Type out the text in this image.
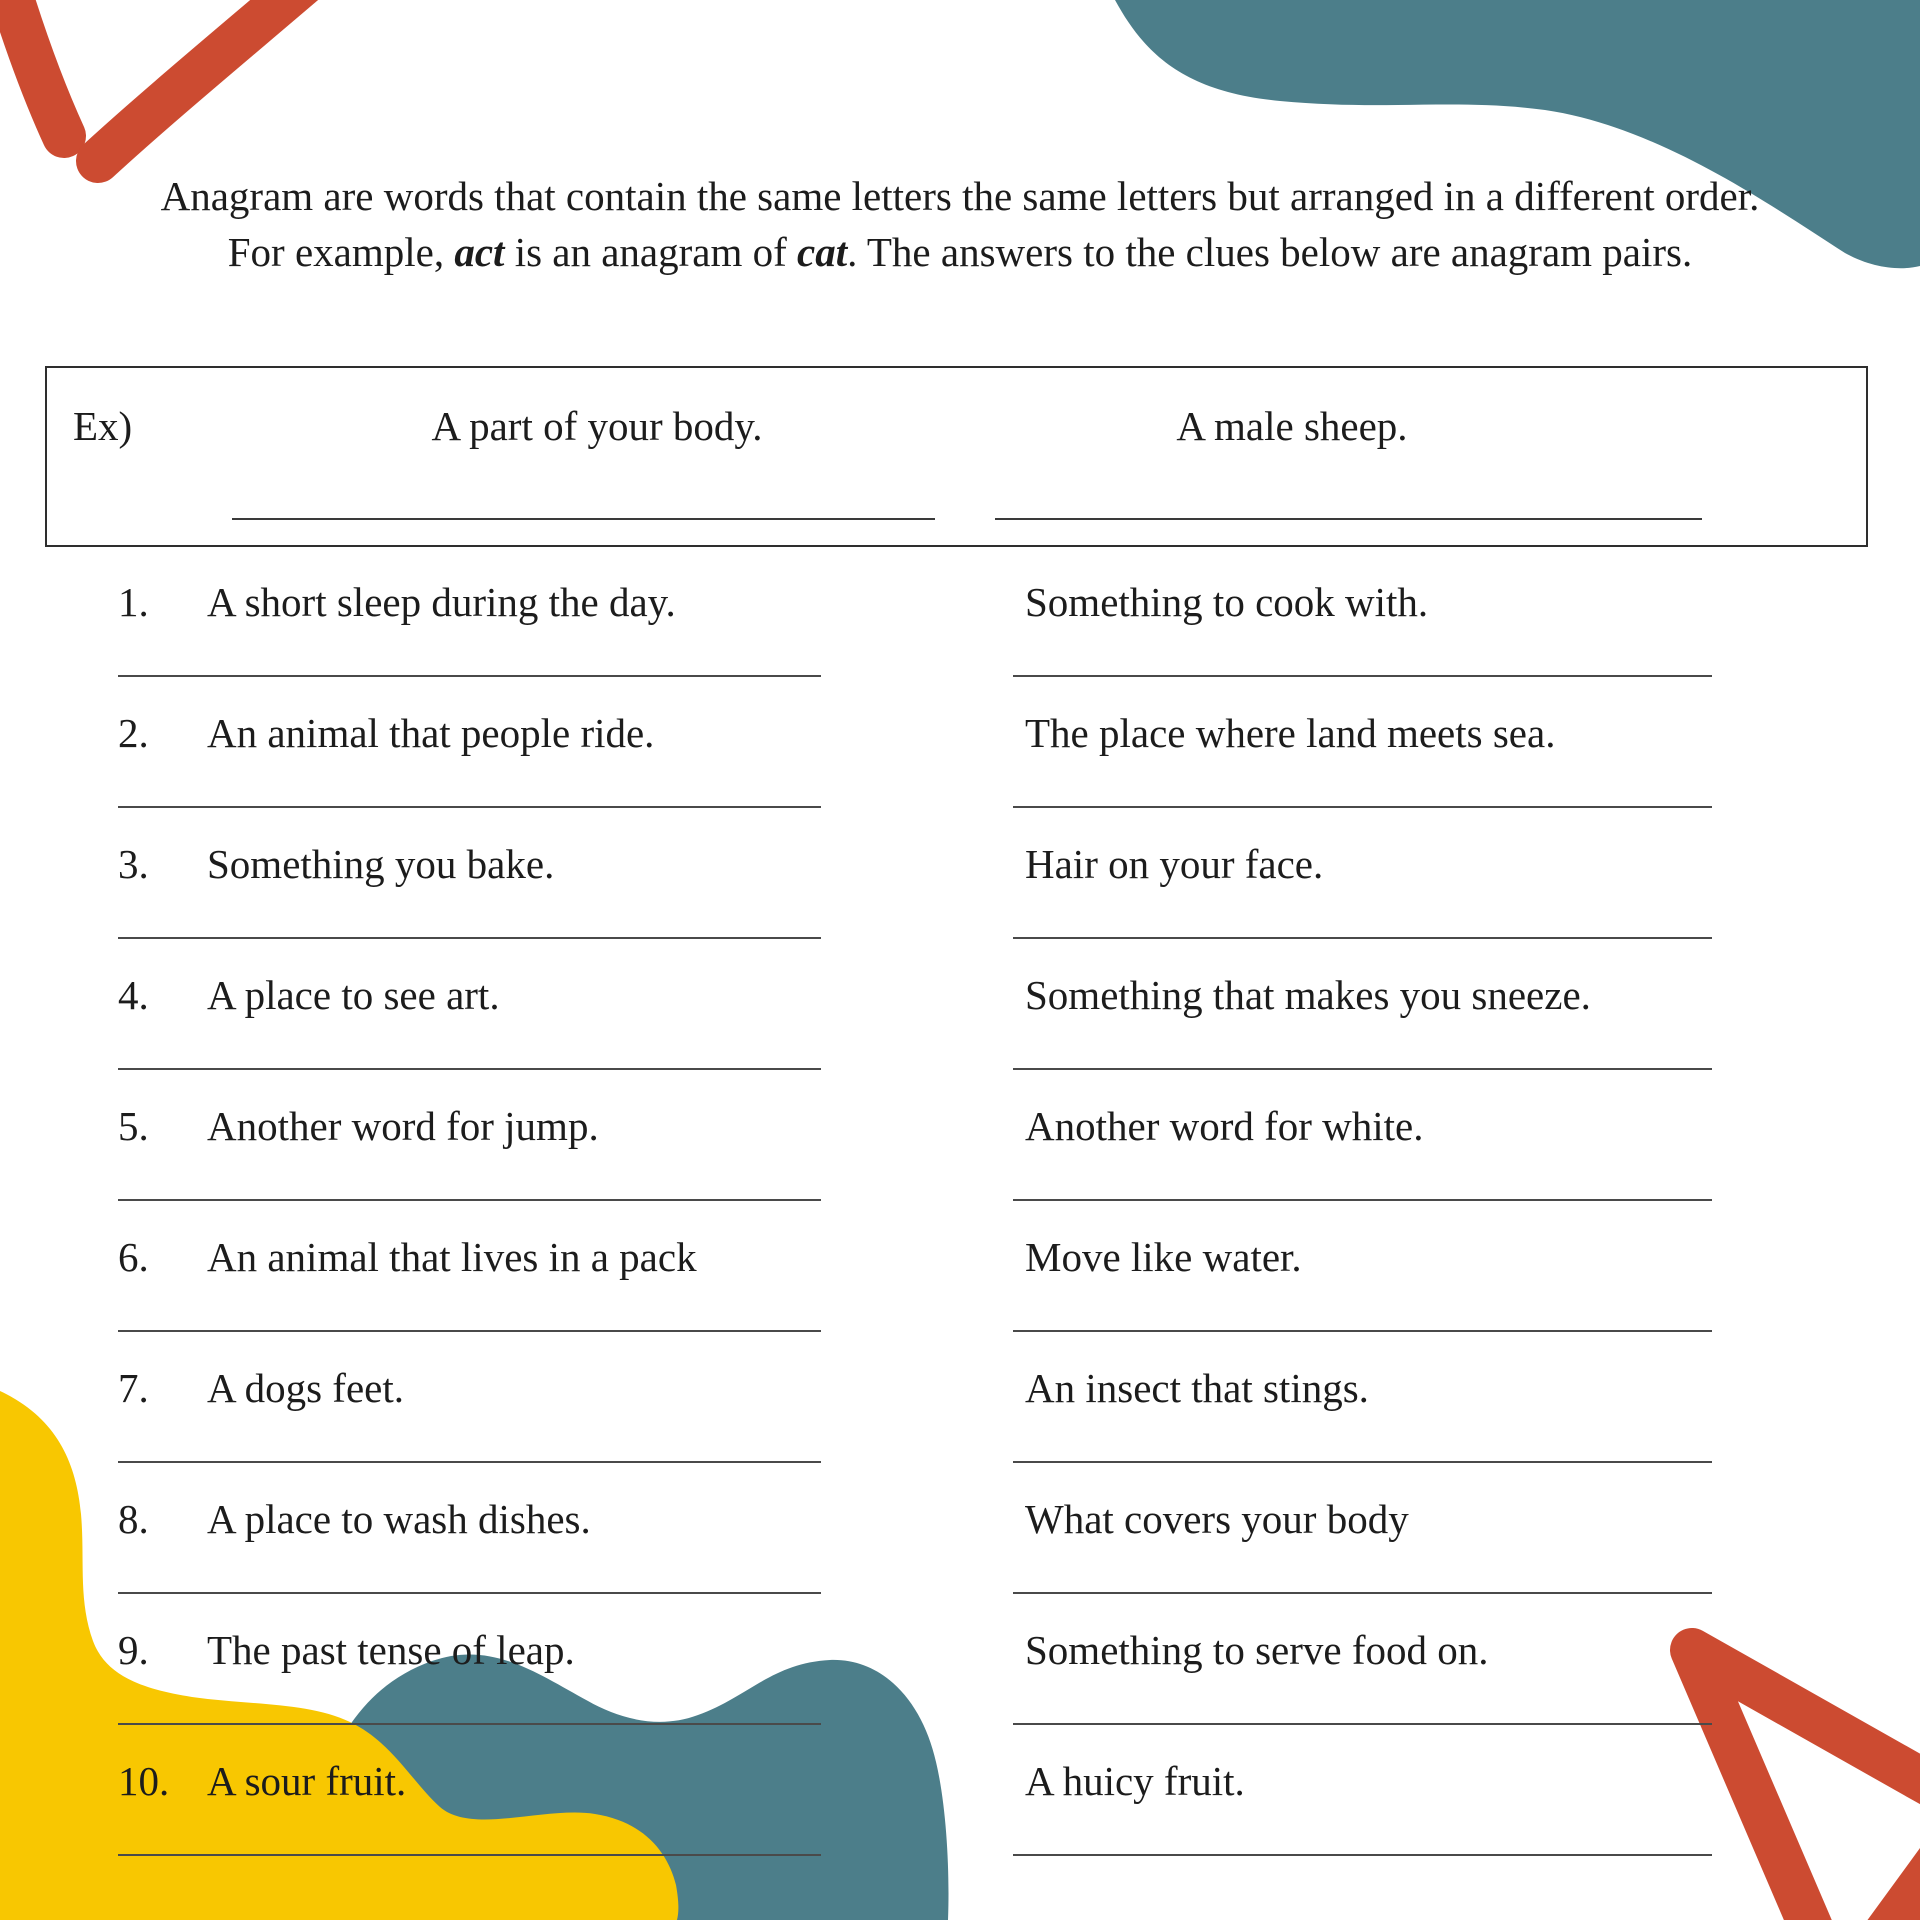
Anagram are words that contain the same letters the same letters but arranged in a different order.
For example, act is an anagram of cat. The answers to the clues below are anagram pairs.
Ex)	A part of your body.	A male sheep.
1. A short sleep during the day.	Something to cook with.
2. An animal that people ride.	The place where land meets sea.
3. Something you bake.	Hair on your face.
4. A place to see art.	Something that makes you sneeze.
5. Another word for jump.	Another word for white.
6. An animal that lives in a pack	Move like water.
7. A dogs feet.	An insect that stings.
8. A place to wash dishes.	What covers your body
9. The past tense of leap.	Something to serve food on.
10. A sour fruit.	A huicy fruit.
